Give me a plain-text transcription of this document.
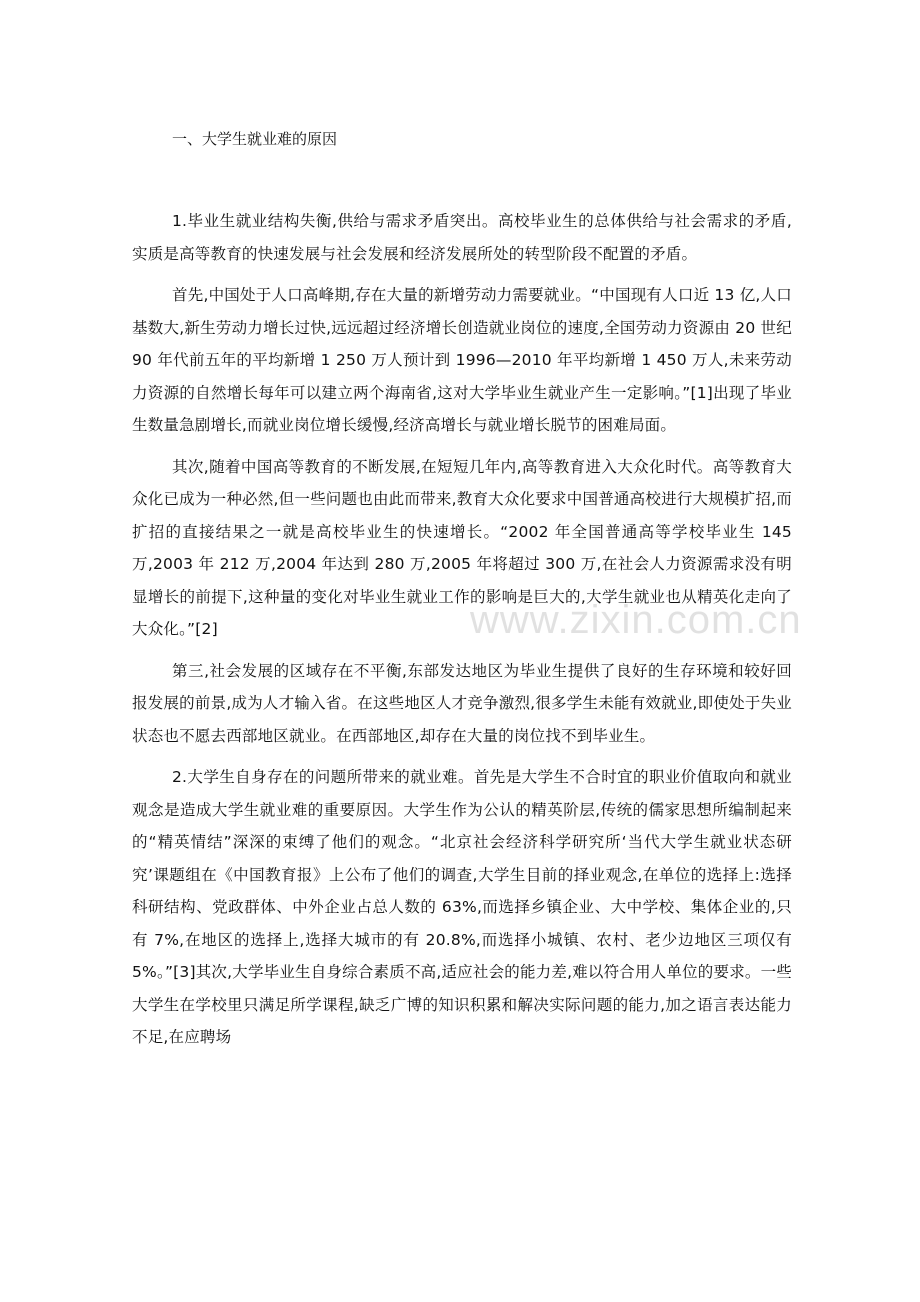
一、大学生就业难的原因

1.毕业生就业结构失衡,供给与需求矛盾突出。高校毕业生的总体供给与社会需求的矛盾,实质是高等教育的快速发展与社会发展和经济发展所处的转型阶段不配置的矛盾。

首先,中国处于人口高峰期,存在大量的新增劳动力需要就业。“中国现有人口近 13 亿,人口基数大,新生劳动力增长过快,远远超过经济增长创造就业岗位的速度,全国劳动力资源由 20 世纪 90 年代前五年的平均新增 1 250 万人预计到 1996—2010 年平均新增 1 450 万人,未来劳动力资源的自然增长每年可以建立两个海南省,这对大学毕业生就业产生一定影响。”[1]出现了毕业生数量急剧增长,而就业岗位增长缓慢,经济高增长与就业增长脱节的困难局面。

其次,随着中国高等教育的不断发展,在短短几年内,高等教育进入大众化时代。高等教育大众化已成为一种必然,但一些问题也由此而带来,教育大众化要求中国普通高校进行大规模扩招,而扩招的直接结果之一就是高校毕业生的快速增长。“2002 年全国普通高等学校毕业生 145 万,2003 年 212 万,2004 年达到 280 万,2005 年将超过 300 万,在社会人力资源需求没有明显增长的前提下,这种量的变化对毕业生就业工作的影响是巨大的,大学生就业也从精英化走向了大众化。”[2]

第三,社会发展的区域存在不平衡,东部发达地区为毕业生提供了良好的生存环境和较好回报发展的前景,成为人才输入省。在这些地区人才竞争激烈,很多学生未能有效就业,即使处于失业状态也不愿去西部地区就业。在西部地区,却存在大量的岗位找不到毕业生。

2.大学生自身存在的问题所带来的就业难。首先是大学生不合时宜的职业价值取向和就业观念是造成大学生就业难的重要原因。大学生作为公认的精英阶层,传统的儒家思想所编制起来的“精英情结”深深的束缚了他们的观念。“北京社会经济科学研究所‘当代大学生就业状态研究’课题组在《中国教育报》上公布了他们的调查,大学生目前的择业观念,在单位的选择上:选择科研结构、党政群体、中外企业占总人数的 63%,而选择乡镇企业、大中学校、集体企业的,只有 7%,在地区的选择上,选择大城市的有 20.8%,而选择小城镇、农村、老少边地区三项仅有 5%。”[3]其次,大学毕业生自身综合素质不高,适应社会的能力差,难以符合用人单位的要求。一些大学生在学校里只满足所学课程,缺乏广博的知识积累和解决实际问题的能力,加之语言表达能力不足,在应聘场

www.zixin.com.cn
